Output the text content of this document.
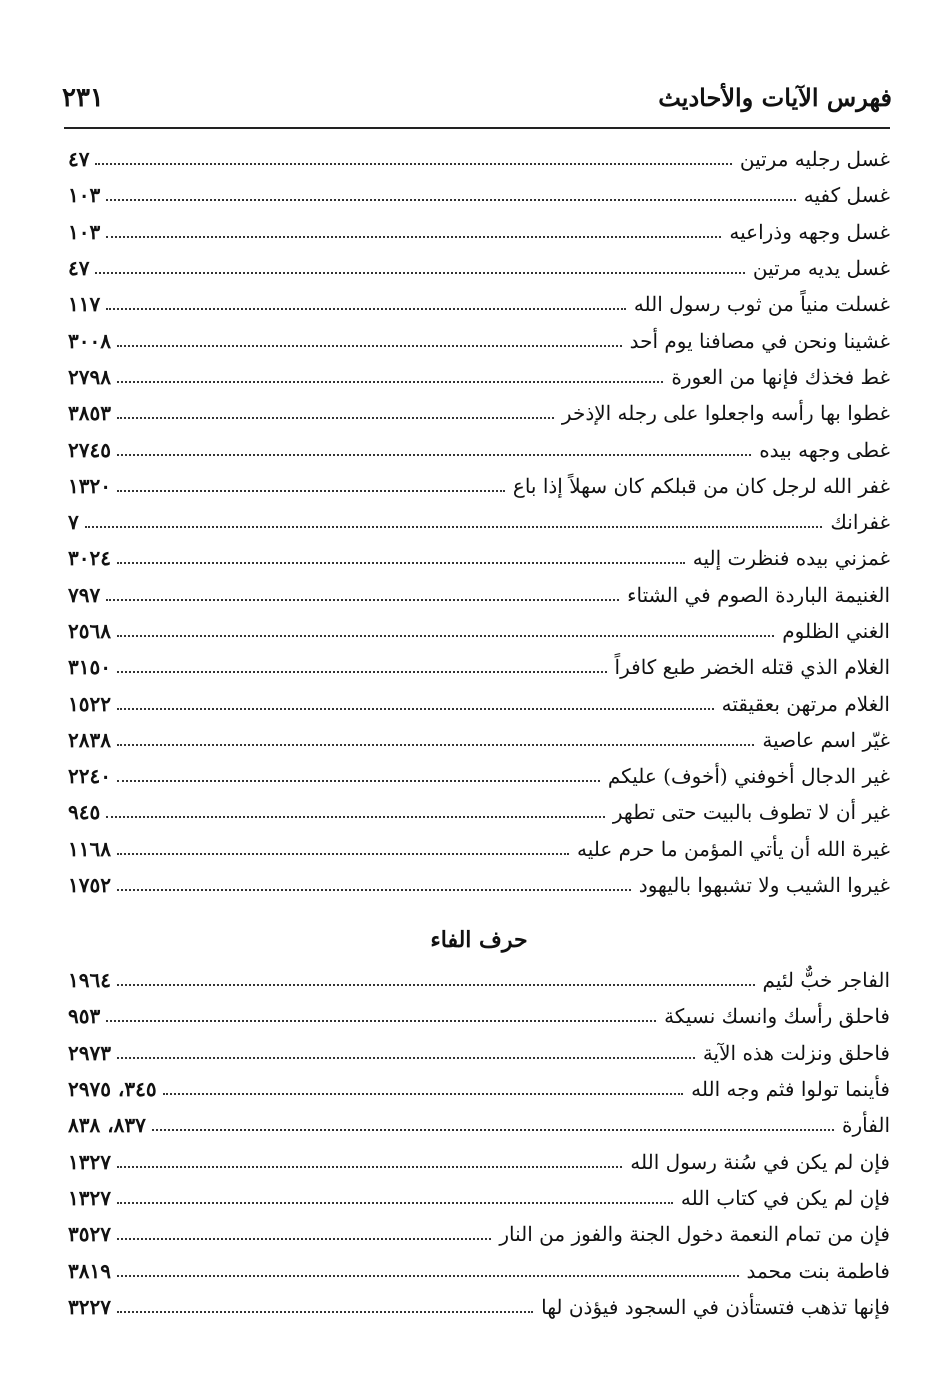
فهرس الآيات والأحاديث
٢٣١
غسل رجليه مرتين
٤٧
غسل كفيه
١٠٣
غسل وجهه وذراعيه
١٠٣
غسل يديه مرتين
٤٧
غسلت منياً من ثوب رسول الله
١١٧
غشينا ونحن في مصافنا يوم أحد
٣٠٠٨
غط فخذك فإنها من العورة
٢٧٩٨
غطوا بها رأسه واجعلوا على رجله الإذخر
٣٨٥٣
غطى وجهه بيده
٢٧٤٥
غفر الله لرجل كان من قبلكم كان سهلاً إذا باع
١٣٢٠
غفرانك
٧
غمزني بيده فنظرت إليه
٣٠٢٤
الغنيمة الباردة الصوم في الشتاء
٧٩٧
الغني الظلوم
٢٥٦٨
الغلام الذي قتله الخضر طبع كافراً
٣١٥٠
الغلام مرتهن بعقيقته
١٥٢٢
غيّر اسم عاصية
٢٨٣٨
غير الدجال أخوفني (أخوف) عليكم
٢٢٤٠
غير أن لا تطوف بالبيت حتى تطهر
٩٤٥
غيرة الله أن يأتي المؤمن ما حرم عليه
١١٦٨
غيروا الشيب ولا تشبهوا باليهود
١٧٥٢
حرف الفاء
الفاجر خبٌّ لئيم
١٩٦٤
فاحلق رأسك وانسك نسيكة
٩٥٣
فاحلق ونزلت هذه الآية
٢٩٧٣
فأينما تولوا فثم وجه الله
٣٤٥، ٢٩٧٥
الفأرة
٨٣٧، ٨٣٨
فإن لم يكن في سُنة رسول الله
١٣٢٧
فإن لم يكن في كتاب الله
١٣٢٧
فإن من تمام النعمة دخول الجنة والفوز من النار
٣٥٢٧
فاطمة بنت محمد
٣٨١٩
فإنها تذهب فتستأذن في السجود فيؤذن لها
٣٢٢٧
